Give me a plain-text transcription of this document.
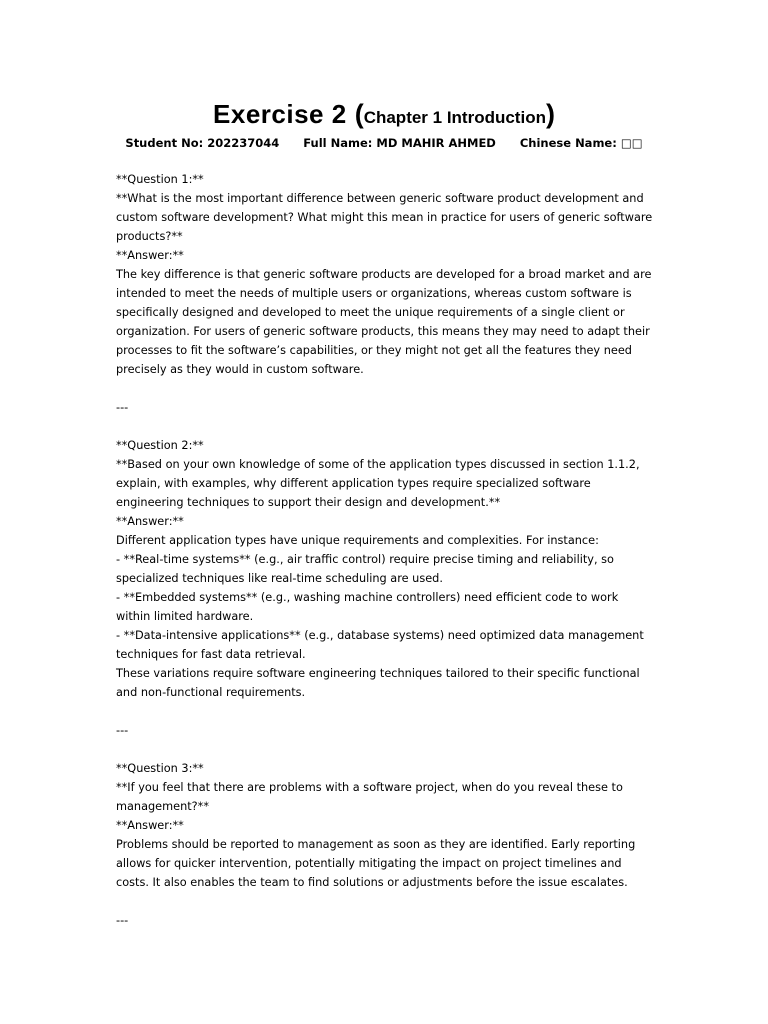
Exercise 2 (Chapter 1 Introduction)
Student No: 202237044 Full Name: MD MAHIR AHMED Chinese Name: □□

**Question 1:**

**What is the most important difference between generic software product development and custom software development? What might this mean in practice for users of generic software products?**

**Answer:**

The key difference is that generic software products are developed for a broad market and are intended to meet the needs of multiple users or organizations, whereas custom software is specifically designed and developed to meet the unique requirements of a single client or organization. For users of generic software products, this means they may need to adapt their processes to fit the software’s capabilities, or they might not get all the features they need precisely as they would in custom software.

---

**Question 2:**

**Based on your own knowledge of some of the application types discussed in section 1.1.2, explain, with examples, why different application types require specialized software engineering techniques to support their design and development.**

**Answer:**

Different application types have unique requirements and complexities. For instance:

- **Real-time systems** (e.g., air traffic control) require precise timing and reliability, so specialized techniques like real-time scheduling are used.

- **Embedded systems** (e.g., washing machine controllers) need efficient code to work within limited hardware.

- **Data-intensive applications** (e.g., database systems) need optimized data management techniques for fast data retrieval.

These variations require software engineering techniques tailored to their specific functional and non-functional requirements.

---

**Question 3:**

**If you feel that there are problems with a software project, when do you reveal these to management?**

**Answer:**

Problems should be reported to management as soon as they are identified. Early reporting allows for quicker intervention, potentially mitigating the impact on project timelines and costs. It also enables the team to find solutions or adjustments before the issue escalates.

---
